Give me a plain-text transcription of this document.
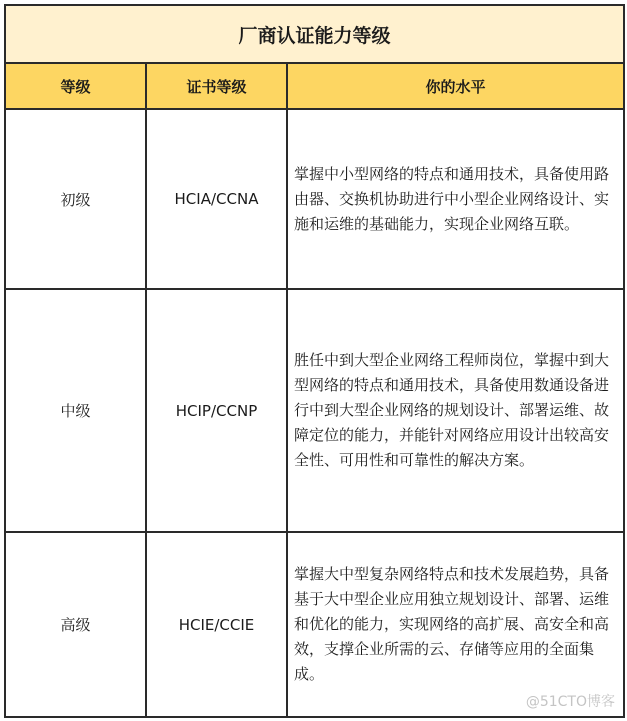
厂商认证能力等级		
等级	证书等级	你的水平
初级	HCIA/CCNA	掌握中小型网络的特点和通用技术，具备使用路由器、交换机协助进行中小型企业网络设计、实施和运维的基础能力，实现企业网络互联。
中级	HCIP/CCNP	胜任中到大型企业网络工程师岗位，掌握中到大型网络的特点和通用技术，具备使用数通设备进行中到大型企业网络的规划设计、部署运维、故障定位的能力，并能针对网络应用设计出较高安全性、可用性和可靠性的解决方案。
高级	HCIE/CCIE	掌握大中型复杂网络特点和技术发展趋势，具备基于大中型企业应用独立规划设计、部署、运维和优化的能力，实现网络的高扩展、高安全和高效，支撑企业所需的云、存储等应用的全面集成。
@51CTO博客
